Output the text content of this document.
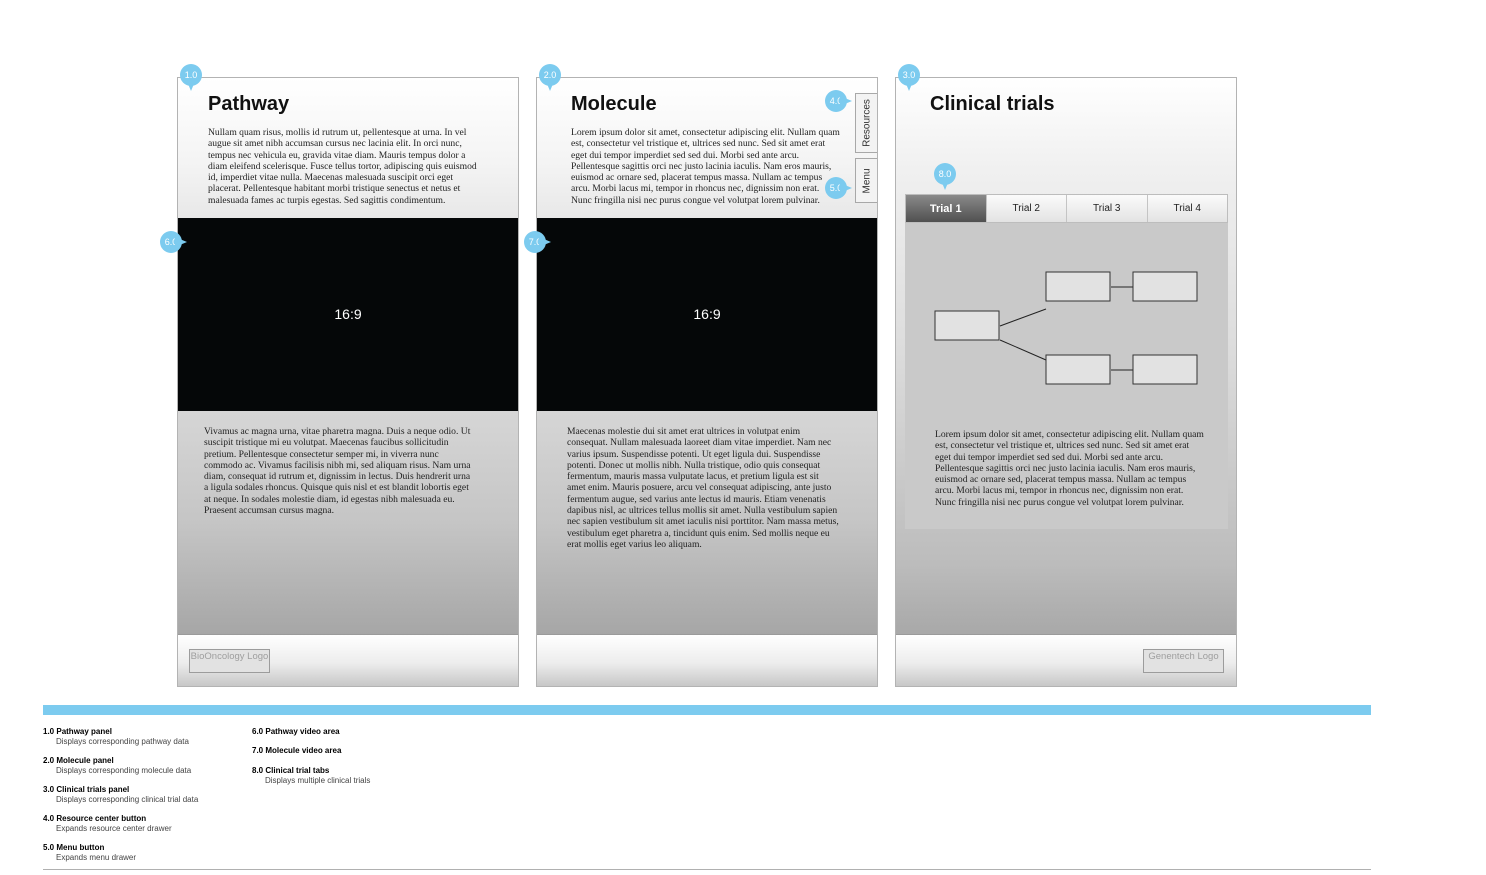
Pathway

Nullam quam risus, mollis id rutrum ut, pellentesque at urna. In vel augue sit amet nibh accumsan cursus nec lacinia elit. In orci nunc, tempus nec vehicula eu, gravida vitae diam. Mauris tempus dolor a diam eleifend scelerisque. Fusce tellus tortor, adipiscing quis euismod id, imperdiet vitae nulla. Maecenas malesuada suscipit orci eget placerat. Pellentesque habitant morbi tristique senectus et netus et malesuada fames ac turpis egestas. Sed sagittis condimentum.

16:9

Vivamus ac magna urna, vitae pharetra magna. Duis a neque odio. Ut suscipit tristique mi eu volutpat. Maecenas faucibus sollicitudin pretium. Pellentesque consectetur semper mi, in viverra nunc commodo ac. Vivamus facilisis nibh mi, sed aliquam risus. Nam urna diam, consequat id rutrum et, dignissim in lectus. Duis hendrerit urna a ligula sodales rhoncus. Quisque quis nisl et est blandit lobortis eget at neque. In sodales molestie diam, id egestas nibh malesuada eu. Praesent accumsan cursus magna.

BioOncology Logo
Molecule

Lorem ipsum dolor sit amet, consectetur adipiscing elit. Nullam quam est, consectetur vel tristique et, ultrices sed nunc. Sed sit amet erat eget dui tempor imperdiet sed sed dui. Morbi sed ante arcu. Pellentesque sagittis orci nec justo lacinia iaculis. Nam eros mauris, euismod ac ornare sed, placerat tempus massa. Nullam ac tempus arcu. Morbi lacus mi, tempor in rhoncus nec, dignissim non erat. Nunc fringilla nisi nec purus congue vel volutpat lorem pulvinar.

Resources
Menu
16:9

Maecenas molestie dui sit amet erat ultrices in volutpat enim consequat. Nullam malesuada laoreet diam vitae imperdiet. Nam nec varius ipsum. Suspendisse potenti. Ut eget ligula dui. Suspendisse potenti. Donec ut mollis nibh. Nulla tristique, odio quis consequat fermentum, mauris massa vulputate lacus, et pretium ligula est sit amet enim. Mauris posuere, arcu vel consequat adipiscing, ante justo fermentum augue, sed varius ante lectus id mauris. Etiam venenatis dapibus nisl, ac ultrices tellus mollis sit amet. Nulla vestibulum sapien nec sapien vestibulum sit amet iaculis nisi porttitor. Nam massa metus, vestibulum eget pharetra a, tincidunt quis enim. Sed mollis neque eu erat mollis eget varius leo aliquam.

Clinical trials
Trial 1	Trial 2	Trial 3	Trial 4

Lorem ipsum dolor sit amet, consectetur adipiscing elit. Nullam quam est, consectetur vel tristique et, ultrices sed nunc. Sed sit amet erat eget dui tempor imperdiet sed sed dui. Morbi sed ante arcu. Pellentesque sagittis orci nec justo lacinia iaculis. Nam eros mauris, euismod ac ornare sed, placerat tempus massa. Nullam ac tempus arcu. Morbi lacus mi, tempor in rhoncus nec, dignissim non erat. Nunc fringilla nisi nec purus congue vel volutpat lorem pulvinar.

Genentech Logo
1.0	2.0	3.0
4.0
5.0
6.0	7.0
8.0
1.0 Pathway panel
Displays corresponding pathway data
2.0 Molecule panel
Displays corresponding molecule data
3.0 Clinical trials panel
Displays corresponding clinical trial data
4.0 Resource center button
Expands resource center drawer
5.0 Menu button
Expands menu drawer
6.0 Pathway video area
7.0 Molecule video area
8.0 Clinical trial tabs
Displays multiple clinical trials
